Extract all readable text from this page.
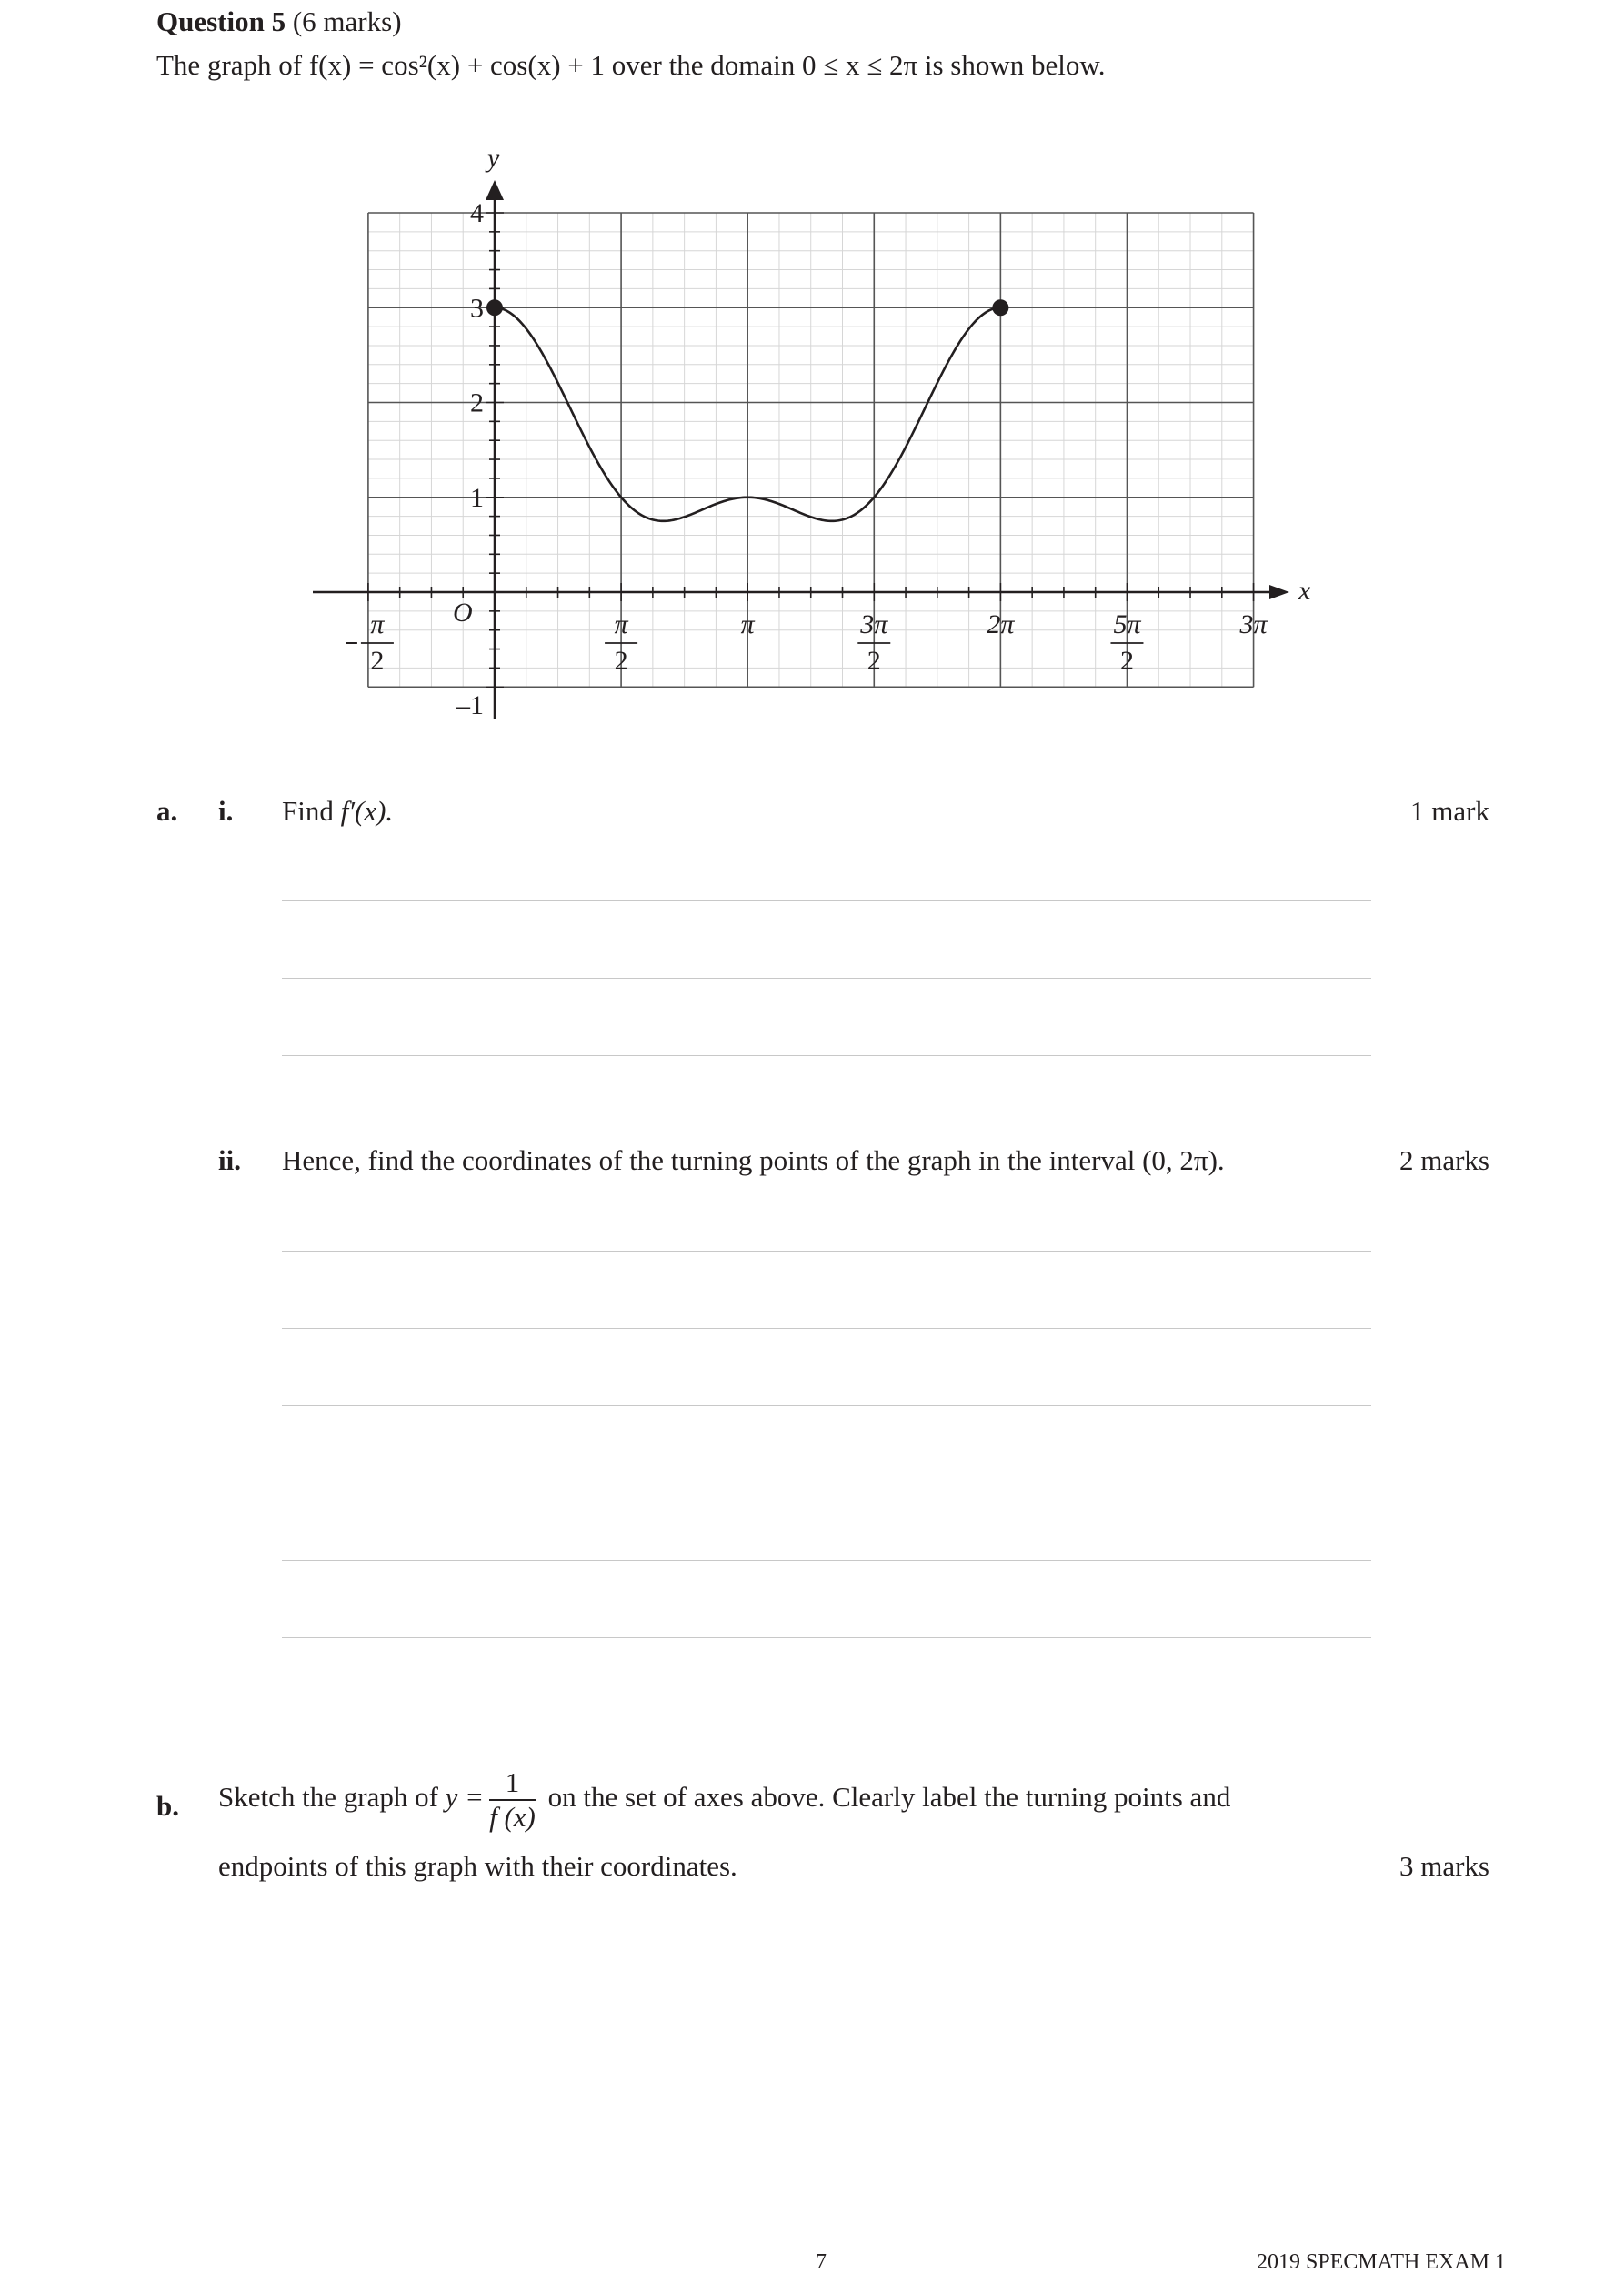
Question 5 (6 marks)
The graph of f(x) = cos²(x) + cos(x) + 1 over the domain 0 ≤ x ≤ 2π is shown below.
x
y
O
π
2
π
2
π	3π
2
2π	5π
2
3π
4
3
2
1
–1
a. i. Find f′(x).	1 mark
ii. Hence, find the coordinates of the turning points of the graph in the interval (0, 2π).	2 marks
b. Sketch the graph of $y = \frac{1}{f (x)}$ on the set of axes above. Clearly label the turning points and
endpoints of this graph with their coordinates.	3 marks
7	2019 SPECMATH EXAM 1
